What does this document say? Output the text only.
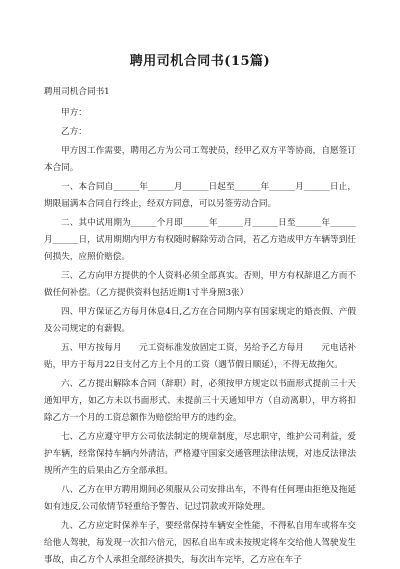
聘用司机合同书(15篇)
聘用司机合同书1

甲方：

乙方：

甲方因工作需要，聘用乙方为公司工驾驶员，经甲乙双方平等协商，自愿签订本合同。

一、本合同自______年______月______日起至______年______月______日止，期限届满本合同自行终止，经双方同意，可以另签劳动合同。

二、其中试用期为______个月即______年______月______日至______年______月______日，试用期期内甲方有权随时解除劳动合同，若乙方造成甲方车辆等到任何损失，应照价赔偿。

三、乙方向甲方提供的个人资料必须全部真实。否则，甲方有权辞退乙方而不做任何补偿。（乙方提供资料包括近期1寸半身照3张）

四、甲方保证乙方每月休息4日,乙方在合同期内享有国家规定的婚丧假、产假及公司规定的有薪假。

五、甲方按每月　　元工资标准发放固定工资，另给予乙方每月　　元电话补贴，甲方于每月22日支付乙方上个月的工资（遇节假日顺延），不得无故拖欠。

六、乙方提出解除本合同（辞职）时，必须按甲方规定以书面形式提前三十天通知甲方，如乙方未以书面形式、未提前三十天通知甲方（自动离职），甲方将扣除乙方一个月的工资总额作为赔偿给甲方的违约金。

七、乙方应遵守甲方公司依法制定的规章制度，尽忠职守，维护公司利益，爱护车辆，经常保持车辆内外清洁，严格遵守国家交通管理法律法规，对违反法律法规所产生的后果由乙方全部承担。

八、乙方在甲方聘用期间必须服从公司安排出车，不得有任何理由拒绝及拖延如有违反,公司依情节轻重给予警告、记过罚款或开除处理。

九、乙方应定时保养车子，要经常保持车辆安全性能，不得私自用车或将车交给他人驾驶，每发现一次扣六倍元，因私自出车或未按规定将车交给他人驾驶发生事故，由乙方个人承担全部经济损失，每次出车完毕，乙方应在车子
